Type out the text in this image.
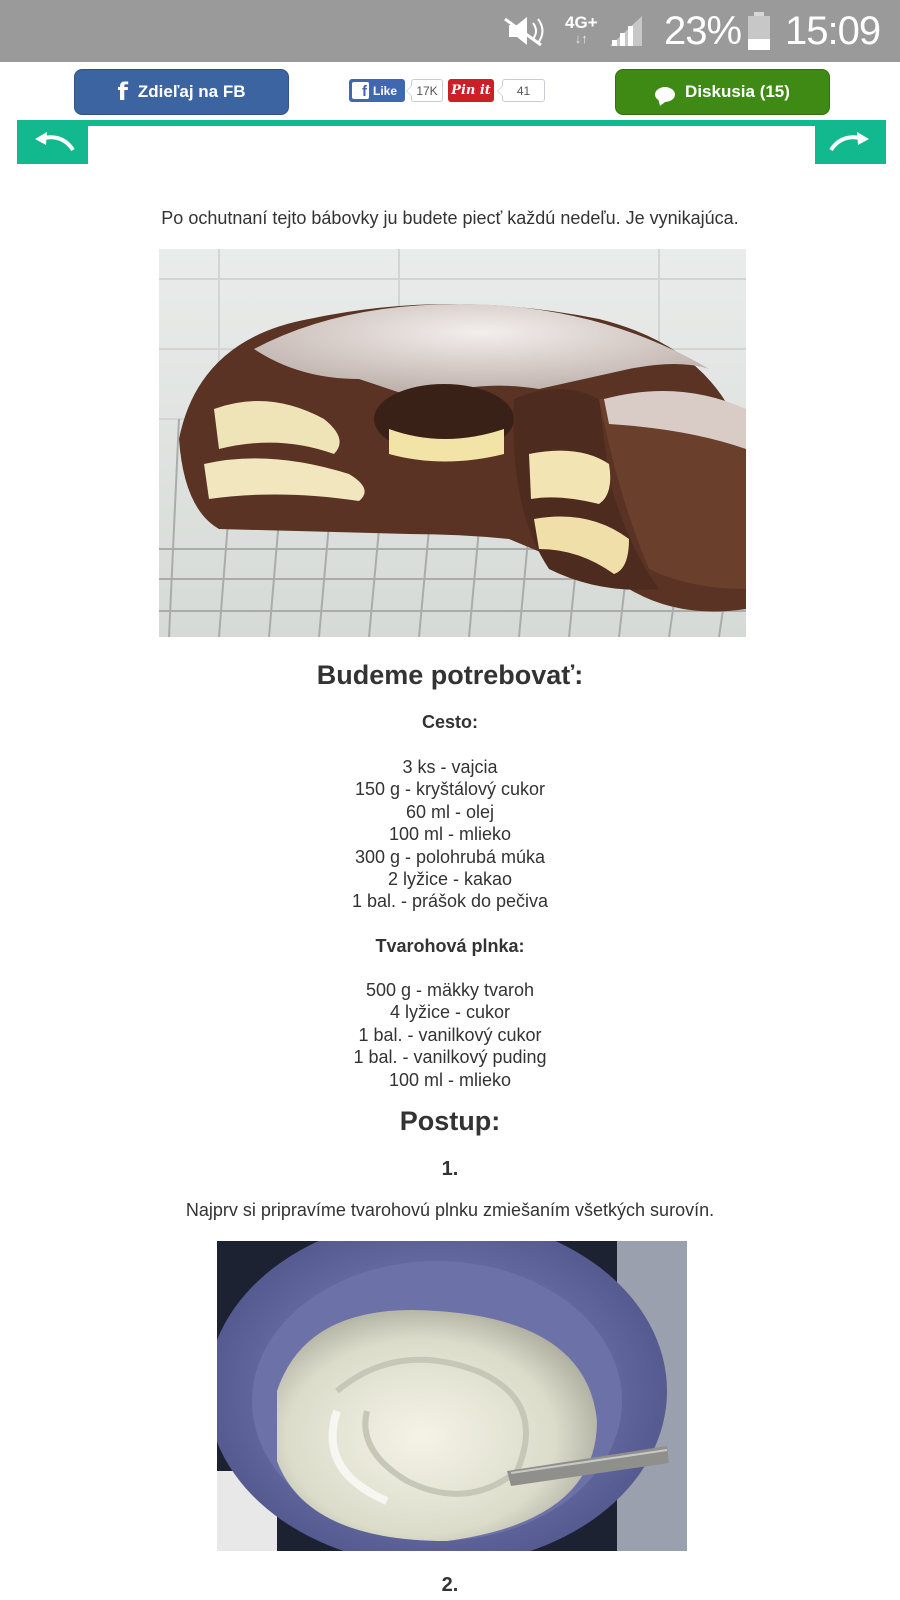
4G+
↓↑ 23% 15:09
f Zdieľaj na FB	f Like	17K	Pin it	41	Diskusia (15)

Po ochutnaní tejto bábovky ju budete piecť každú nedeľu. Je vynikajúca.

Budeme potrebovať:
Cesto:
3 ks - vajcia
150 g - kryštálový cukor
60 ml - olej
100 ml - mlieko
300 g - polohrubá múka
2 lyžice - kakao
1 bal. - prášok do pečiva
Tvarohová plnka:
500 g - mäkky tvaroh
4 lyžice - cukor
1 bal. - vanilkový cukor
1 bal. - vanilkový puding
100 ml - mlieko
Postup:
1.

Najprv si pripravíme tvarohovú plnku zmiešaním všetkých surovín.

2.
